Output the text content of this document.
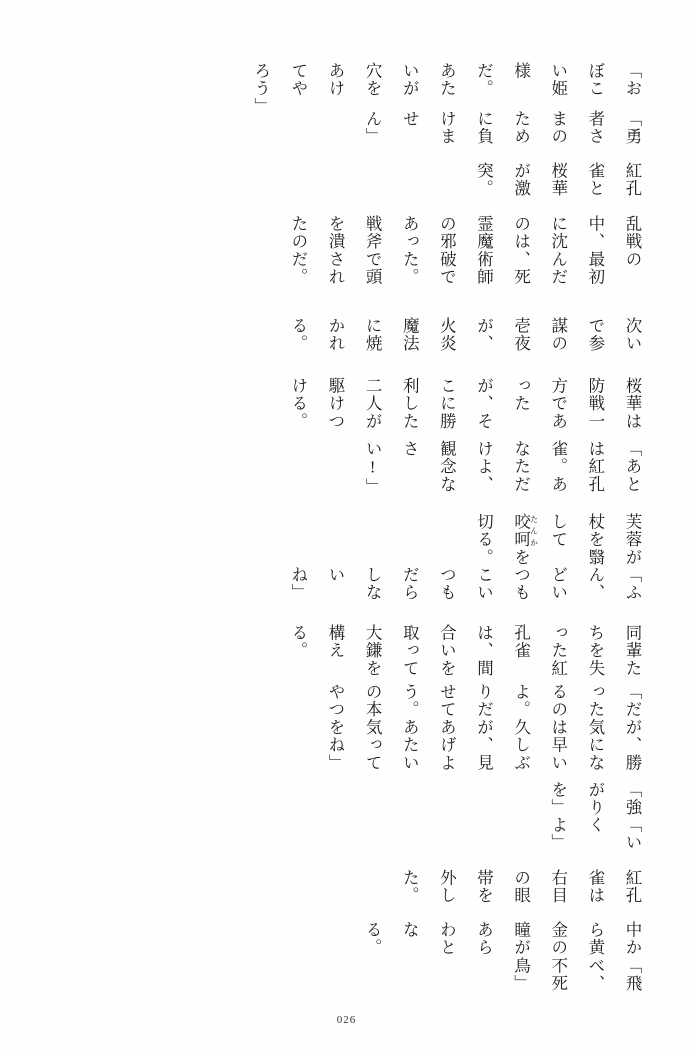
「おぼこい姫様だ。あたいが穴をあけてやろう」

「勇者さまのために負けません」

紅孔雀と桜華が激突。

乱戦の中、最初に沈んだのは、死霊魔術師の邪破であった。戦斧で頭を潰されたのだ。

次いで参謀の壱夜が、火炎魔法に焼かれる。

桜華は防戦一方であったが、そこに勝利した二人が駆けつける。

「あとは紅孔雀。あなただけよ、観念なさい!」

芙蓉が杖を翳して咬呵 たんかを切る。

「ふん、どいつもこいつもだらしないね」

同輩たちを失った紅孔雀は、間合いを取って大鎌を構える。

「だが、勝った気になるのは早いよ。久しぶりだが、見せてあげよう。あたいの本気ってやつをね」

「強がりを」

「いくよ」

紅孔雀は右目の眼帯を外した。

中から黄金の瞳があらわとなる。

「飛べ、不死鳥」

026
